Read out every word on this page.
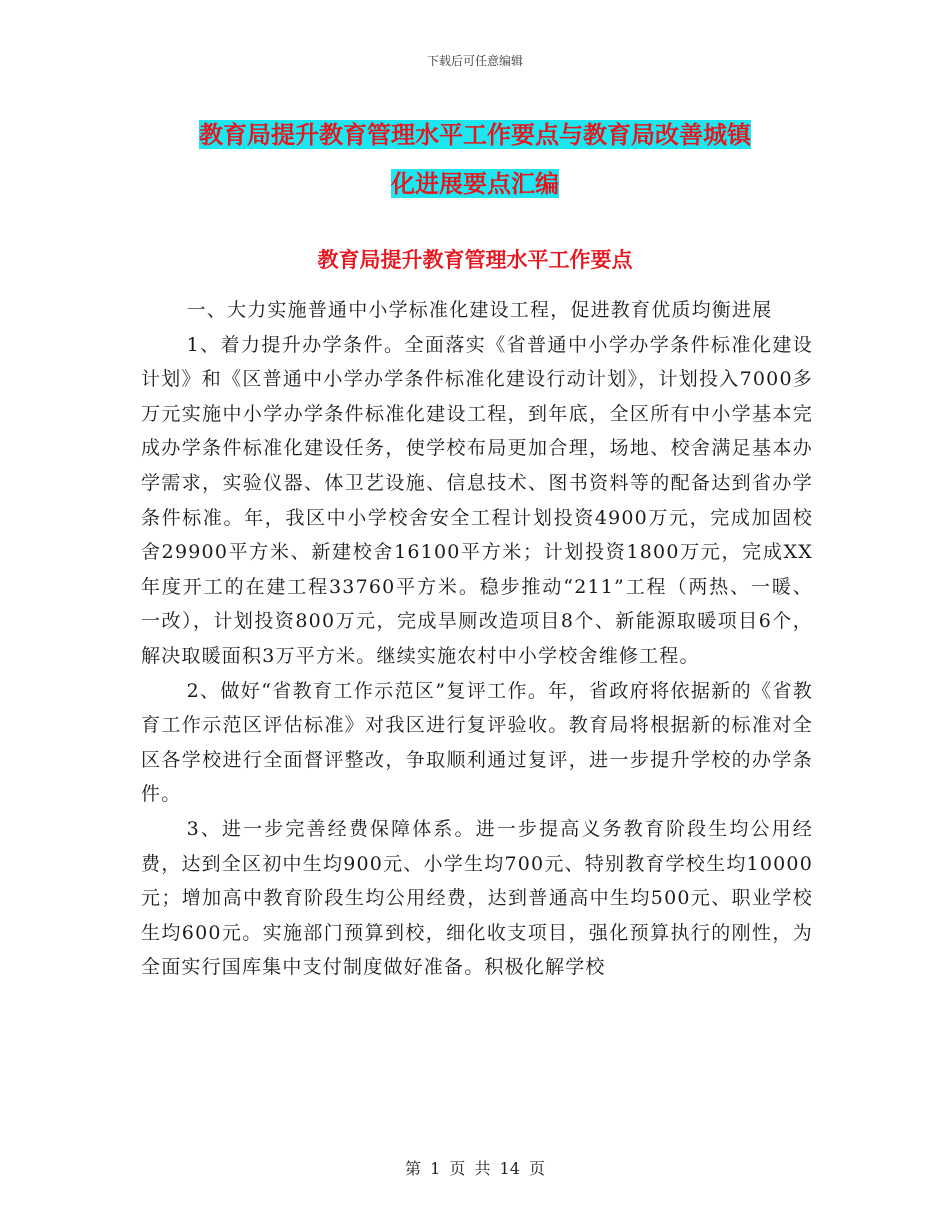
下载后可任意编辑
教育局提升教育管理水平工作要点与教育局改善城镇
化进展要点汇编
教育局提升教育管理水平工作要点

一、大力实施普通中小学标准化建设工程，促进教育优质均衡进展

1、着力提升办学条件。全面落实《省普通中小学办学条件标准化建设计划》和《区普通中小学办学条件标准化建设行动计划》，计划投入7000多万元实施中小学办学条件标准化建设工程，到年底，全区所有中小学基本完成办学条件标准化建设任务，使学校布局更加合理，场地、校舍满足基本办学需求，实验仪器、体卫艺设施、信息技术、图书资料等的配备达到省办学条件标准。年，我区中小学校舍安全工程计划投资4900万元，完成加固校舍29900平方米、新建校舍16100平方米；计划投资1800万元，完成XX年度开工的在建工程33760平方米。稳步推动“211”工程（两热、一暖、一改），计划投资800万元，完成旱厕改造项目8个、新能源取暖项目6个，解决取暖面积3万平方米。继续实施农村中小学校舍维修工程。

2、做好“省教育工作示范区”复评工作。年，省政府将依据新的《省教育工作示范区评估标准》对我区进行复评验收。教育局将根据新的标准对全区各学校进行全面督评整改，争取顺利通过复评，进一步提升学校的办学条件。

3、进一步完善经费保障体系。进一步提高义务教育阶段生均公用经费，达到全区初中生均900元、小学生均700元、特别教育学校生均10000元；增加高中教育阶段生均公用经费，达到普通高中生均500元、职业学校生均600元。实施部门预算到校，细化收支项目，强化预算执行的刚性，为全面实行国库集中支付制度做好准备。积极化解学校

第 1 页 共 14 页
